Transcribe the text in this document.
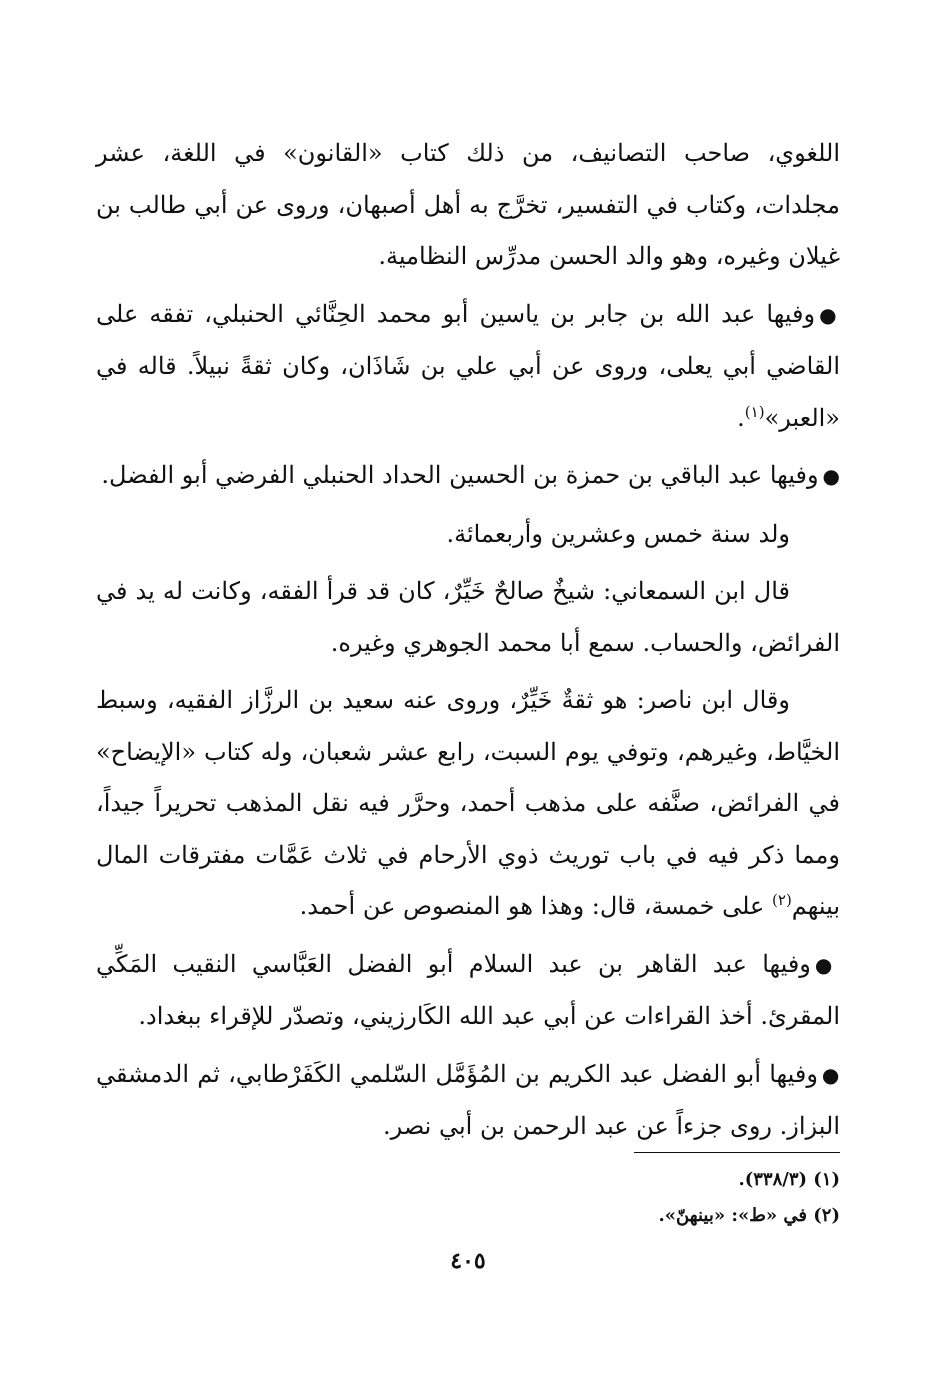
اللغوي، صاحب التصانيف، من ذلك كتاب «القانون» في اللغة، عشر مجلدات، وكتاب في التفسير، تخرَّج به أهل أصبهان، وروى عن أبي طالب بن غيلان وغيره، وهو والد الحسن مدرِّس النظامية.

●وفيها عبد الله بن جابر بن ياسين أبو محمد الحِنَّائي الحنبلي، تفقه على القاضي أبي يعلى، وروى عن أبي علي بن شَاذَان، وكان ثقةً نبيلاً. قاله في «العبر»$^{(١)}$.

●وفيها عبد الباقي بن حمزة بن الحسين الحداد الحنبلي الفرضي أبو الفضل.

ولد سنة خمس وعشرين وأربعمائة.

قال ابن السمعاني: شيخٌ صالحٌ خَيِّرٌ، كان قد قرأ الفقه، وكانت له يد في الفرائض، والحساب. سمع أبا محمد الجوهري وغيره.

وقال ابن ناصر: هو ثقةٌ خَيِّرٌ، وروى عنه سعيد بن الرزَّاز الفقيه، وسبط الخيَّاط، وغيرهم، وتوفي يوم السبت، رابع عشر شعبان، وله كتاب «الإيضاح» في الفرائض، صنَّفه على مذهب أحمد، وحرَّر فيه نقل المذهب تحريراً جيداً، ومما ذكر فيه في باب توريث ذوي الأرحام في ثلاث عَمَّات مفترقات المال بينهم$^{(٢)}$ على خمسة، قال: وهذا هو المنصوص عن أحمد.

●وفيها عبد القاهر بن عبد السلام أبو الفضل العَبَّاسي النقيب المَكِّي المقرئ. أخذ القراءات عن أبي عبد الله الكَارزيني، وتصدّر للإقراء ببغداد.

●وفيها أبو الفضل عبد الكريم بن المُؤَمَّل السّلمي الكَفَرْطابي، ثم الدمشقي البزاز. روى جزءاً عن عبد الرحمن بن أبي نصر.

(١) (٣٣٨/٣).

(٢) في «ط»: «بينهنّ».

٤٠٥
